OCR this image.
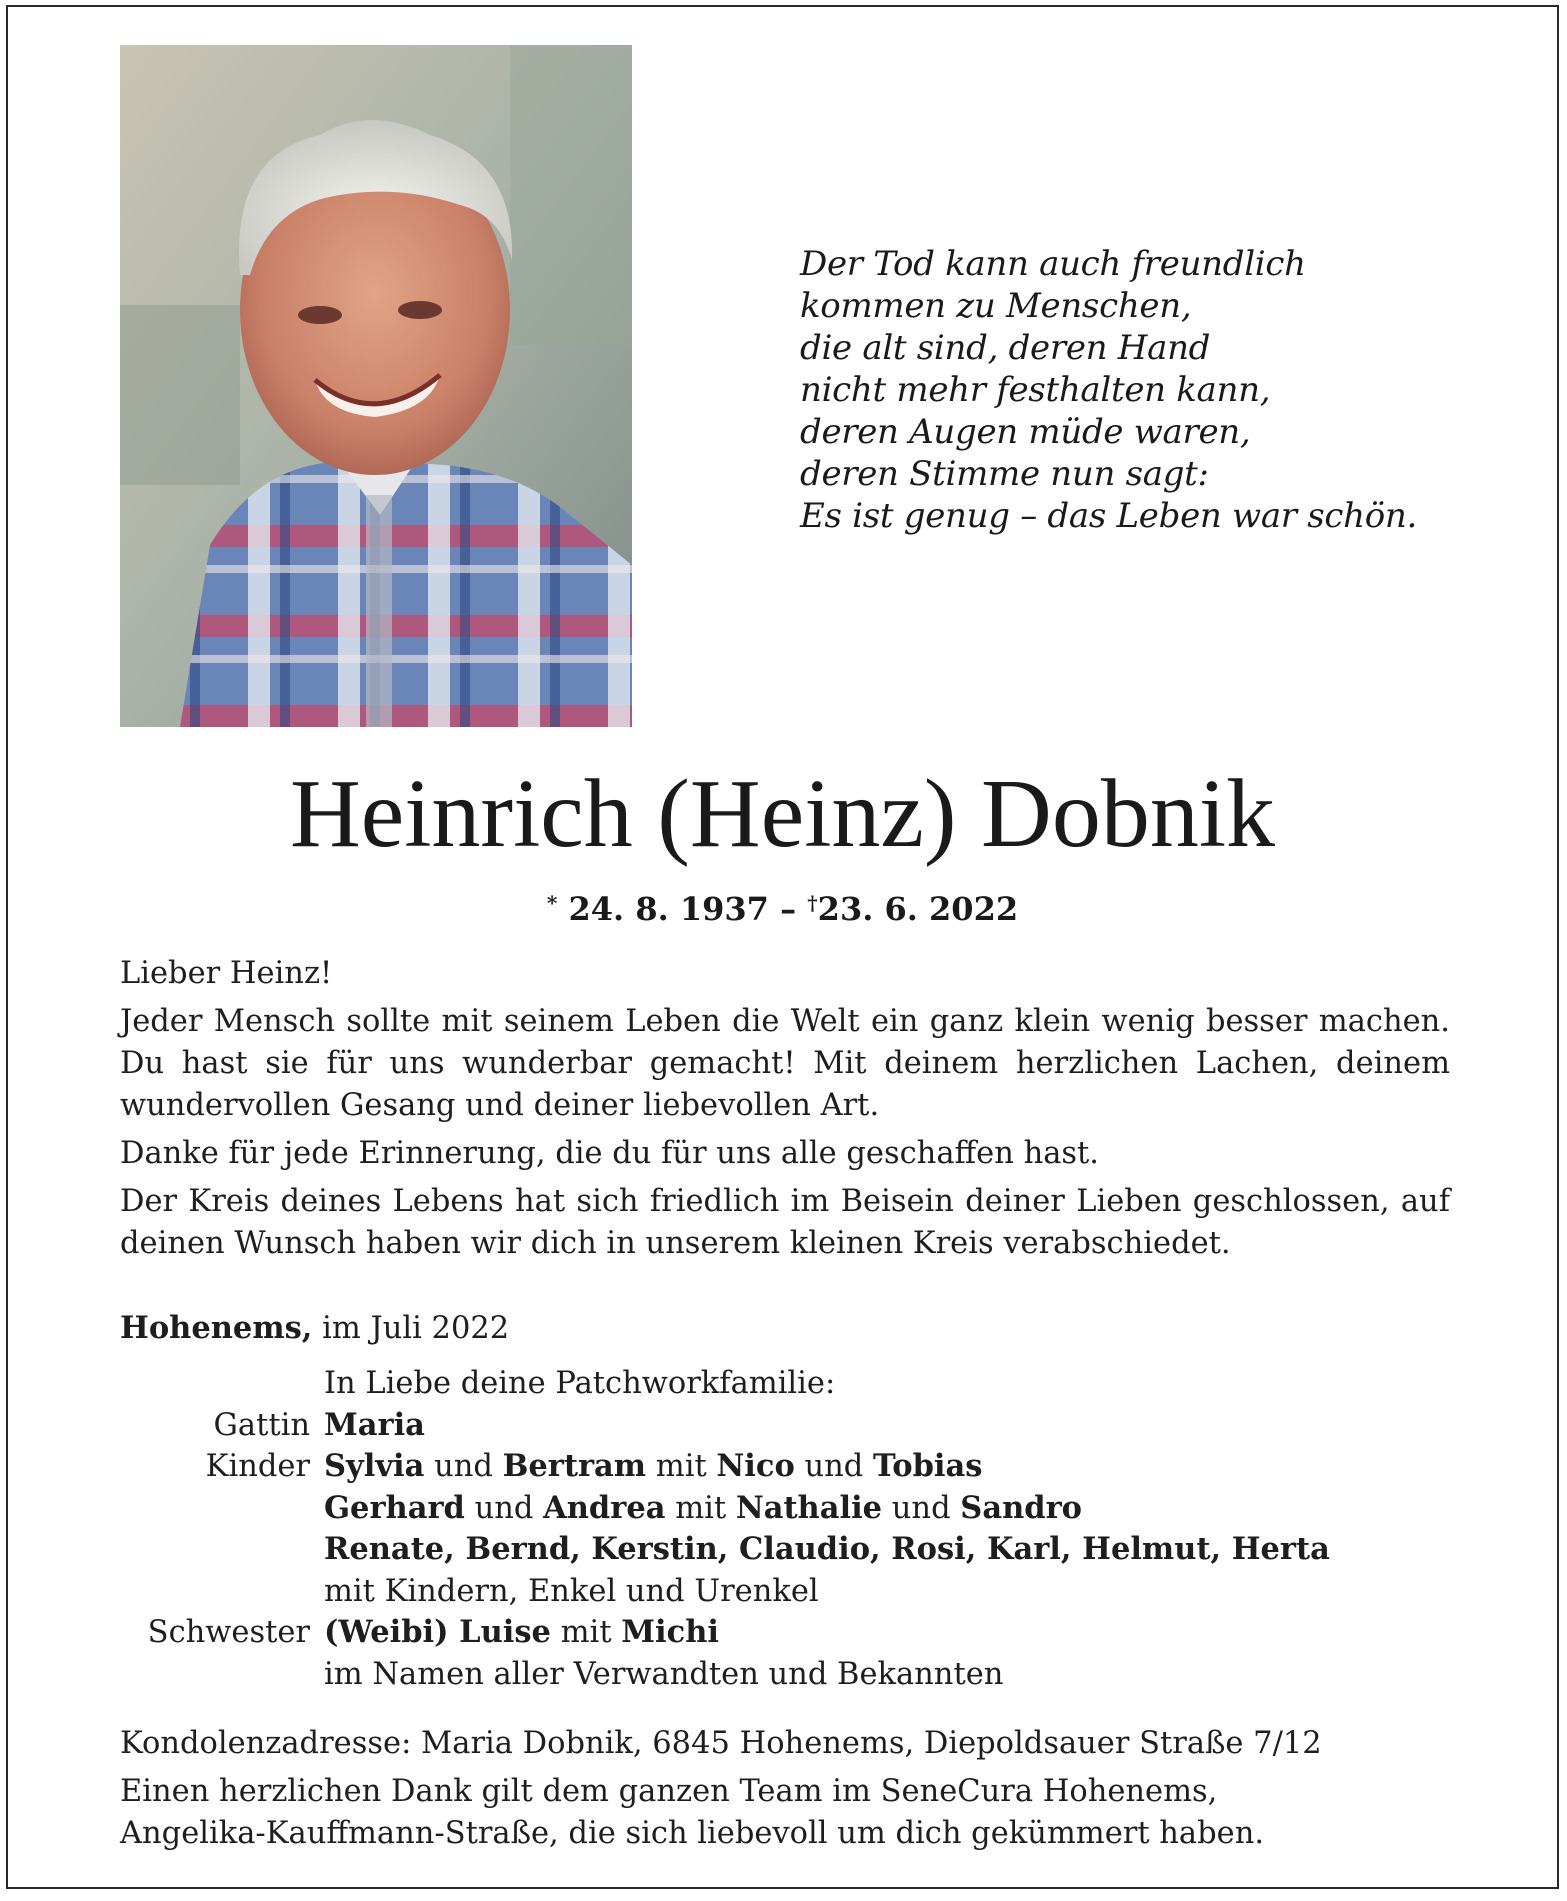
Der Tod kann auch freundlich
kommen zu Menschen,
die alt sind, deren Hand
nicht mehr festhalten kann,
deren Augen müde waren,
deren Stimme nun sagt:
Es ist genug – das Leben war schön.
Heinrich (Heinz) Dobnik
* 24. 8. 1937 – †23. 6. 2022

Lieber Heinz!

Jeder Mensch sollte mit seinem Leben die Welt ein ganz klein wenig besser machen. Du hast sie für uns wunderbar gemacht! Mit deinem herzlichen Lachen, deinem wundervollen Gesang und deiner liebevollen Art.

Danke für jede Erinnerung, die du für uns alle geschaffen hast.

Der Kreis deines Lebens hat sich friedlich im Beisein deiner Lieben geschlossen, auf deinen Wunsch haben wir dich in unserem kleinen Kreis verabschiedet.

Hohenems, im Juli 2022
In Liebe deine Patchworkfamilie:
Gattin Maria
Kinder Sylvia und Bertram mit Nico und Tobias
Gerhard und Andrea mit Nathalie und Sandro
Renate, Bernd, Kerstin, Claudio, Rosi, Karl, Helmut, Herta
mit Kindern, Enkel und Urenkel
Schwester (Weibi) Luise mit Michi
im Namen aller Verwandten und Bekannten

Kondolenzadresse: Maria Dobnik, 6845 Hohenems, Diepoldsauer Straße 7/12

Einen herzlichen Dank gilt dem ganzen Team im SeneCura Hohenems,
Angelika-Kauffmann-Straße, die sich liebevoll um dich gekümmert haben.
